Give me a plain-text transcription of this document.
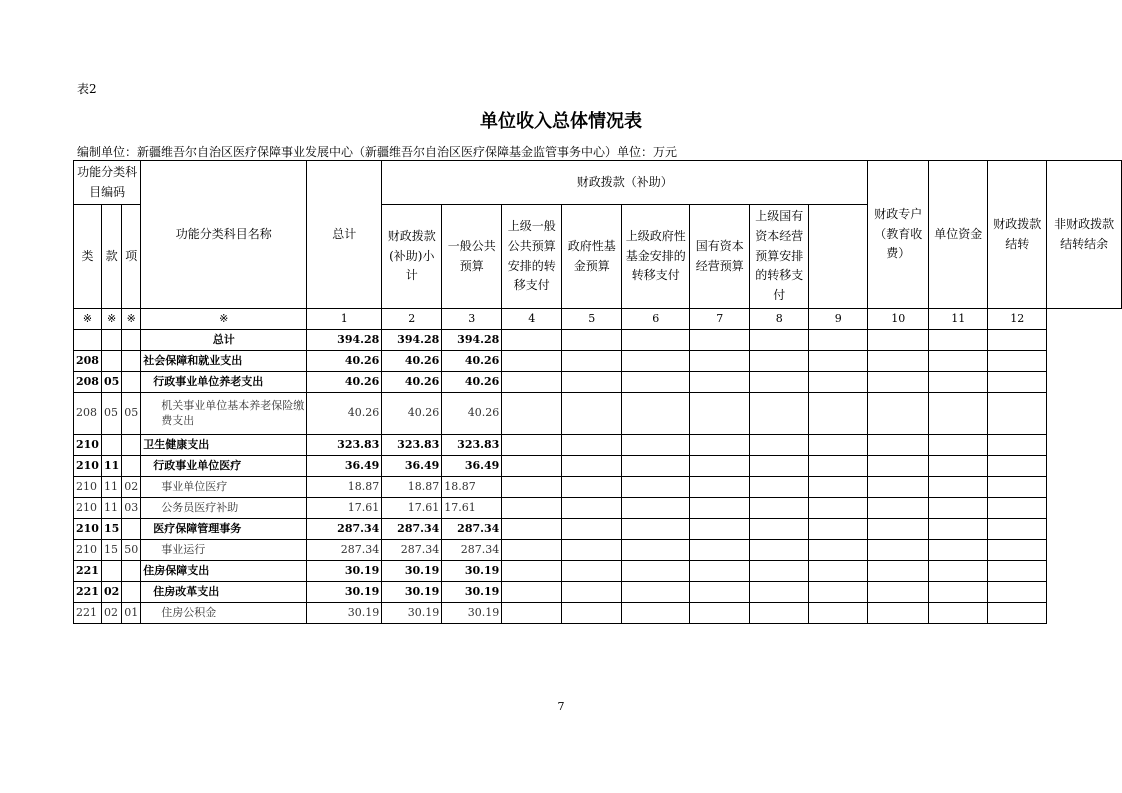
表2
单位收入总体情况表
编制单位：新疆维吾尔自治区医疗保障事业发展中心（新疆维吾尔自治区医疗保障基金监管事务中心）单位：万元
功能分类科目编码			功能分类科目名称	总计	财政拨款（补助）								财政专户（教育收费）	单位资金	财政拨款结转	非财政拨款结转结余
类	款	项			财政拨款(补助)小计	一般公共预算	上级一般公共预算安排的转移支付	政府性基金预算	上级政府性基金安排的转移支付	国有资本经营预算	上级国有资本经营预算安排的转移支付					
※	※	※	※	1	2	3	4	5	6	7	8	9	10	11	12	
			总计	394.28	394.28	394.28										
208			社会保障和就业支出	40.26	40.26	40.26										
208	05		行政事业单位养老支出	40.26	40.26	40.26										
208	05	05	机关事业单位基本养老保险缴费支出	40.26	40.26	40.26										
210			卫生健康支出	323.83	323.83	323.83										
210	11		行政事业单位医疗	36.49	36.49	36.49										
210	11	02	事业单位医疗	18.87	18.87	18.87										
210	11	03	公务员医疗补助	17.61	17.61	17.61										
210	15		医疗保障管理事务	287.34	287.34	287.34										
210	15	50	事业运行	287.34	287.34	287.34										
221			住房保障支出	30.19	30.19	30.19										
221	02		住房改革支出	30.19	30.19	30.19										
221	02	01	住房公积金	30.19	30.19	30.19										
7
